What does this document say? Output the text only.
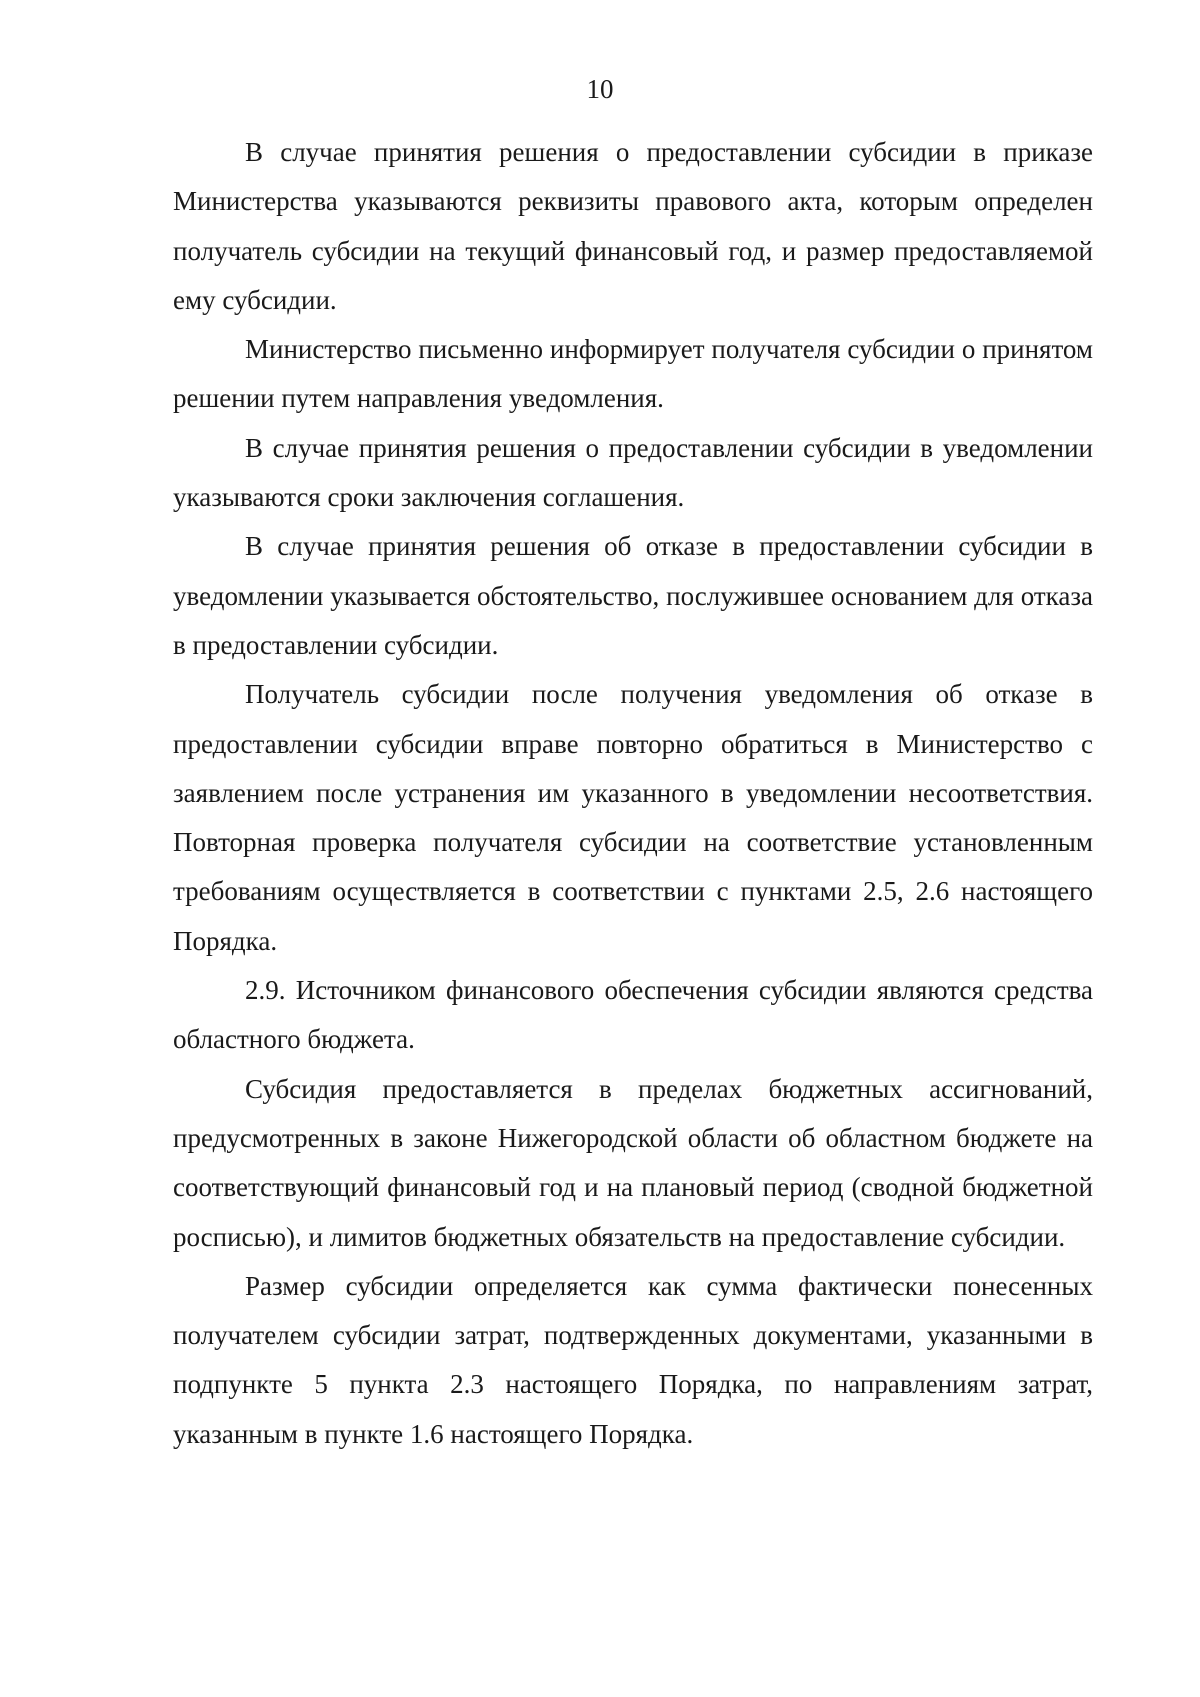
10

В случае принятия решения о предоставлении субсидии в приказе Министерства указываются реквизиты правового акта, которым определен получатель субсидии на текущий финансовый год, и размер предоставляемой ему субсидии.

Министерство письменно информирует получателя субсидии о принятом решении путем направления уведомления.

В случае принятия решения о предоставлении субсидии в уведомлении указываются сроки заключения соглашения.

В случае принятия решения об отказе в предоставлении субсидии в уведомлении указывается обстоятельство, послужившее основанием для отказа в предоставлении субсидии.

Получатель субсидии после получения уведомления об отказе в предоставлении субсидии вправе повторно обратиться в Министерство с заявлением после устранения им указанного в уведомлении несоответствия. Повторная проверка получателя субсидии на соответствие установленным требованиям осуществляется в соответствии с пунктами 2.5, 2.6 настоящего Порядка.

2.9. Источником финансового обеспечения субсидии являются средства областного бюджета.

Субсидия предоставляется в пределах бюджетных ассигнований, предусмотренных в законе Нижегородской области об областном бюджете на соответствующий финансовый год и на плановый период (сводной бюджетной росписью), и лимитов бюджетных обязательств на предоставление субсидии.

Размер субсидии определяется как сумма фактически понесенных получателем субсидии затрат, подтвержденных документами, указанными в подпункте 5 пункта 2.3 настоящего Порядка, по направлениям затрат, указанным в пункте 1.6 настоящего Порядка.
